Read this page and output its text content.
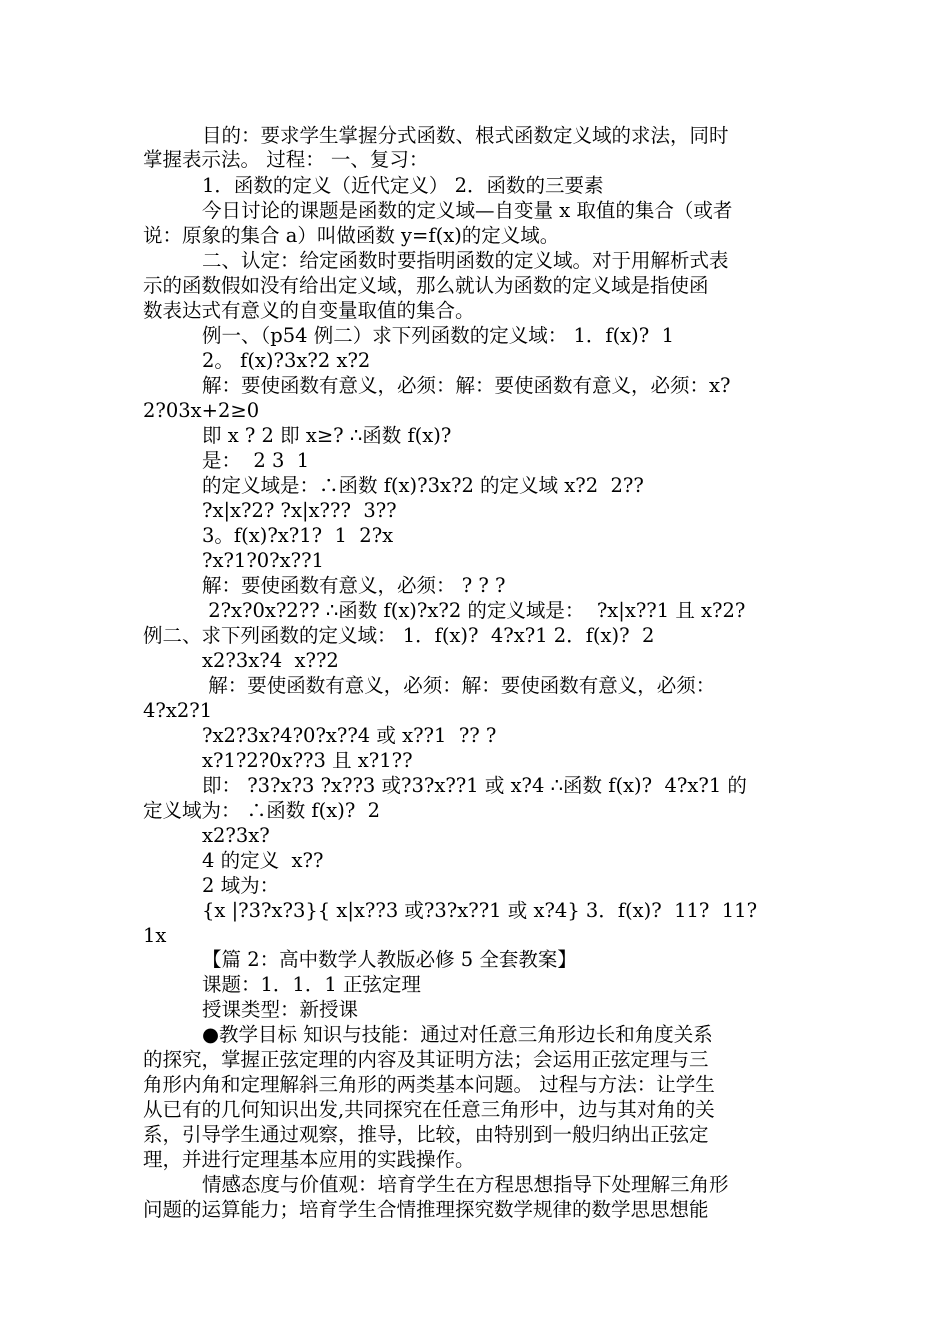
目的：要求学生掌握分式函数、根式函数定义域的求法，同时
掌握表示法。 过程： 一、复习：
1．函数的定义（近代定义） 2．函数的三要素
今日讨论的课题是函数的定义域—自变量 x 取值的集合（或者
说：原象的集合 a）叫做函数 y=f(x)的定义域。
二、认定：给定函数时要指明函数的定义域。对于用解析式表
示的函数假如没有给出定义域，那么就认为函数的定义域是指使函
数表达式有意义的自变量取值的集合。
例一、（p54 例二）求下列函数的定义域： 1．f(x)?  1
2。 f(x)?3x?2 x?2
解：要使函数有意义，必须：解：要使函数有意义，必须：x?
2?03x+2≥0
即 x ? 2 即 x≥? ∴函数 f(x)?
是：  2 3  1
的定义域是：∴函数 f(x)?3x?2 的定义域 x?2  2??
?x|x?2? ?x|x???  3??
3。f(x)?x?1?  1  2?x
?x?1?0?x??1
解：要使函数有意义，必须： ? ? ?
2?x?0x?2?? ∴函数 f(x)?x?2 的定义域是：  ?x|x??1 且 x?2?
例二、求下列函数的定义域： 1．f(x)?  4?x?1 2．f(x)?  2
x2?3x?4  x??2
解：要使函数有意义，必须：解：要使函数有意义，必须：
4?x2?1
?x2?3x?4?0?x??4 或 x??1  ?? ?
x?1?2?0x??3 且 x?1??
即： ?3?x?3 ?x??3 或?3?x??1 或 x?4 ∴函数 f(x)?  4?x?1 的
定义域为： ∴函数 f(x)?  2
x2?3x?
4 的定义  x??
2 域为：
{x |?3?x?3}{ x|x??3 或?3?x??1 或 x?4} 3．f(x)?  11?  11?
1x
【篇 2：高中数学人教版必修 5 全套教案】
课题：1．1．1 正弦定理
授课类型：新授课
●教学目标 知识与技能：通过对任意三角形边长和角度关系
的探究，掌握正弦定理的内容及其证明方法；会运用正弦定理与三
角形内角和定理解斜三角形的两类基本问题。 过程与方法：让学生
从已有的几何知识出发,共同探究在任意三角形中，边与其对角的关
系，引导学生通过观察，推导，比较，由特别到一般归纳出正弦定
理，并进行定理基本应用的实践操作。
情感态度与价值观：培育学生在方程思想指导下处理解三角形
问题的运算能力；培育学生合情推理探究数学规律的数学思思想能
